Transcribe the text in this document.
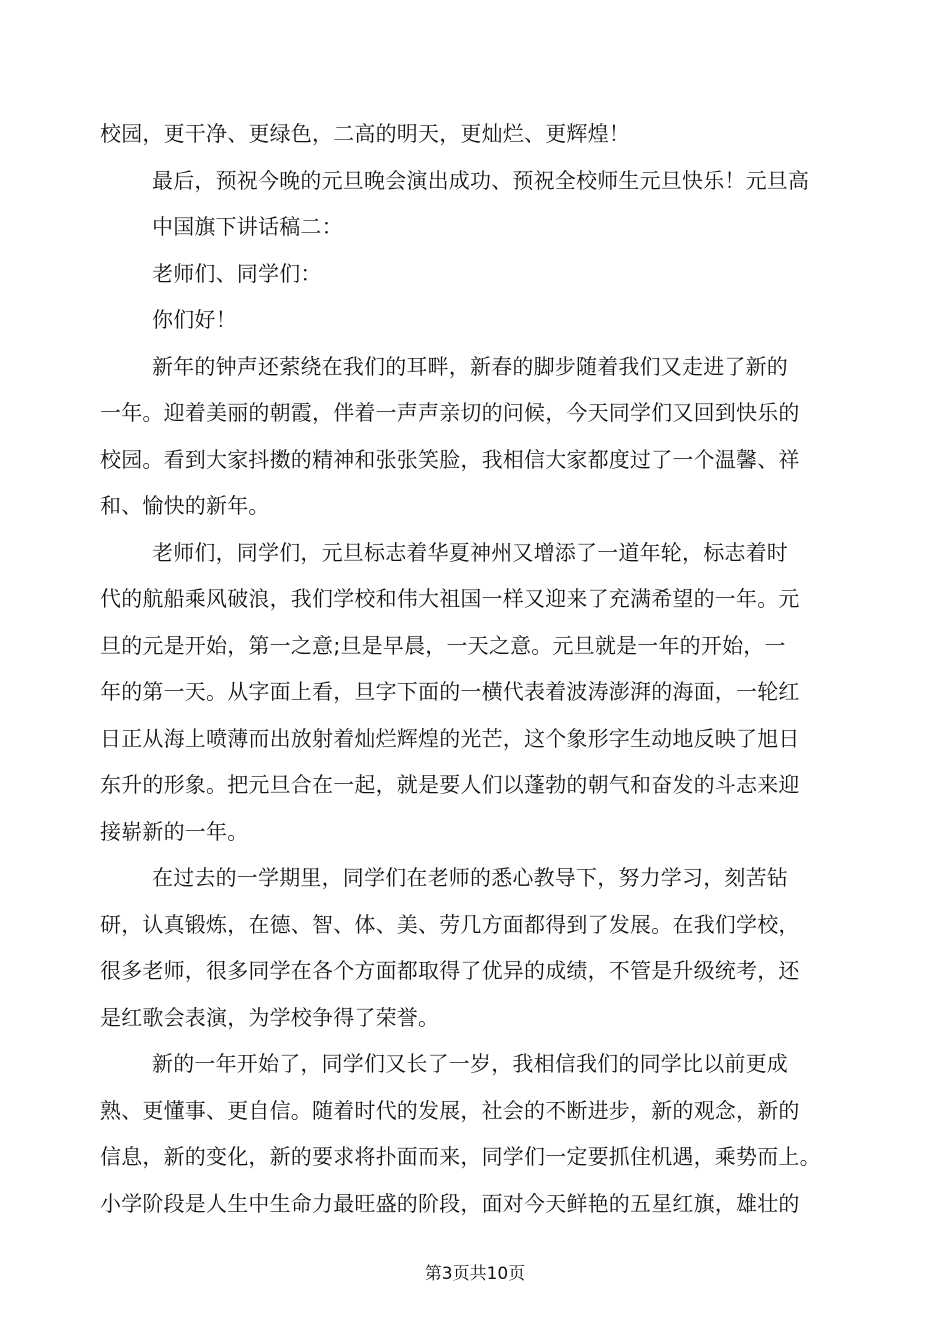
校园，更干净、更绿色，二高的明天，更灿烂、更辉煌！
最后，预祝今晚的元旦晚会演出成功、预祝全校师生元旦快乐！元旦高
中国旗下讲话稿二：
老师们、同学们：
你们好！
新年的钟声还萦绕在我们的耳畔，新春的脚步随着我们又走进了新的
一年。迎着美丽的朝霞，伴着一声声亲切的问候，今天同学们又回到快乐的
校园。看到大家抖擞的精神和张张笑脸，我相信大家都度过了一个温馨、祥
和、愉快的新年。
老师们，同学们，元旦标志着华夏神州又增添了一道年轮，标志着时
代的航船乘风破浪，我们学校和伟大祖国一样又迎来了充满希望的一年。元
旦的元是开始，第一之意;旦是早晨，一天之意。元旦就是一年的开始，一
年的第一天。从字面上看，旦字下面的一横代表着波涛澎湃的海面，一轮红
日正从海上喷薄而出放射着灿烂辉煌的光芒，这个象形字生动地反映了旭日
东升的形象。把元旦合在一起，就是要人们以蓬勃的朝气和奋发的斗志来迎
接崭新的一年。
在过去的一学期里，同学们在老师的悉心教导下，努力学习，刻苦钻
研，认真锻炼，在德、智、体、美、劳几方面都得到了发展。在我们学校，
很多老师，很多同学在各个方面都取得了优异的成绩，不管是升级统考，还
是红歌会表演，为学校争得了荣誉。
新的一年开始了，同学们又长了一岁，我相信我们的同学比以前更成
熟、更懂事、更自信。随着时代的发展，社会的不断进步，新的观念，新的
信息，新的变化，新的要求将扑面而来，同学们一定要抓住机遇，乘势而上。
小学阶段是人生中生命力最旺盛的阶段，面对今天鲜艳的五星红旗，雄壮的
第3页共10页
